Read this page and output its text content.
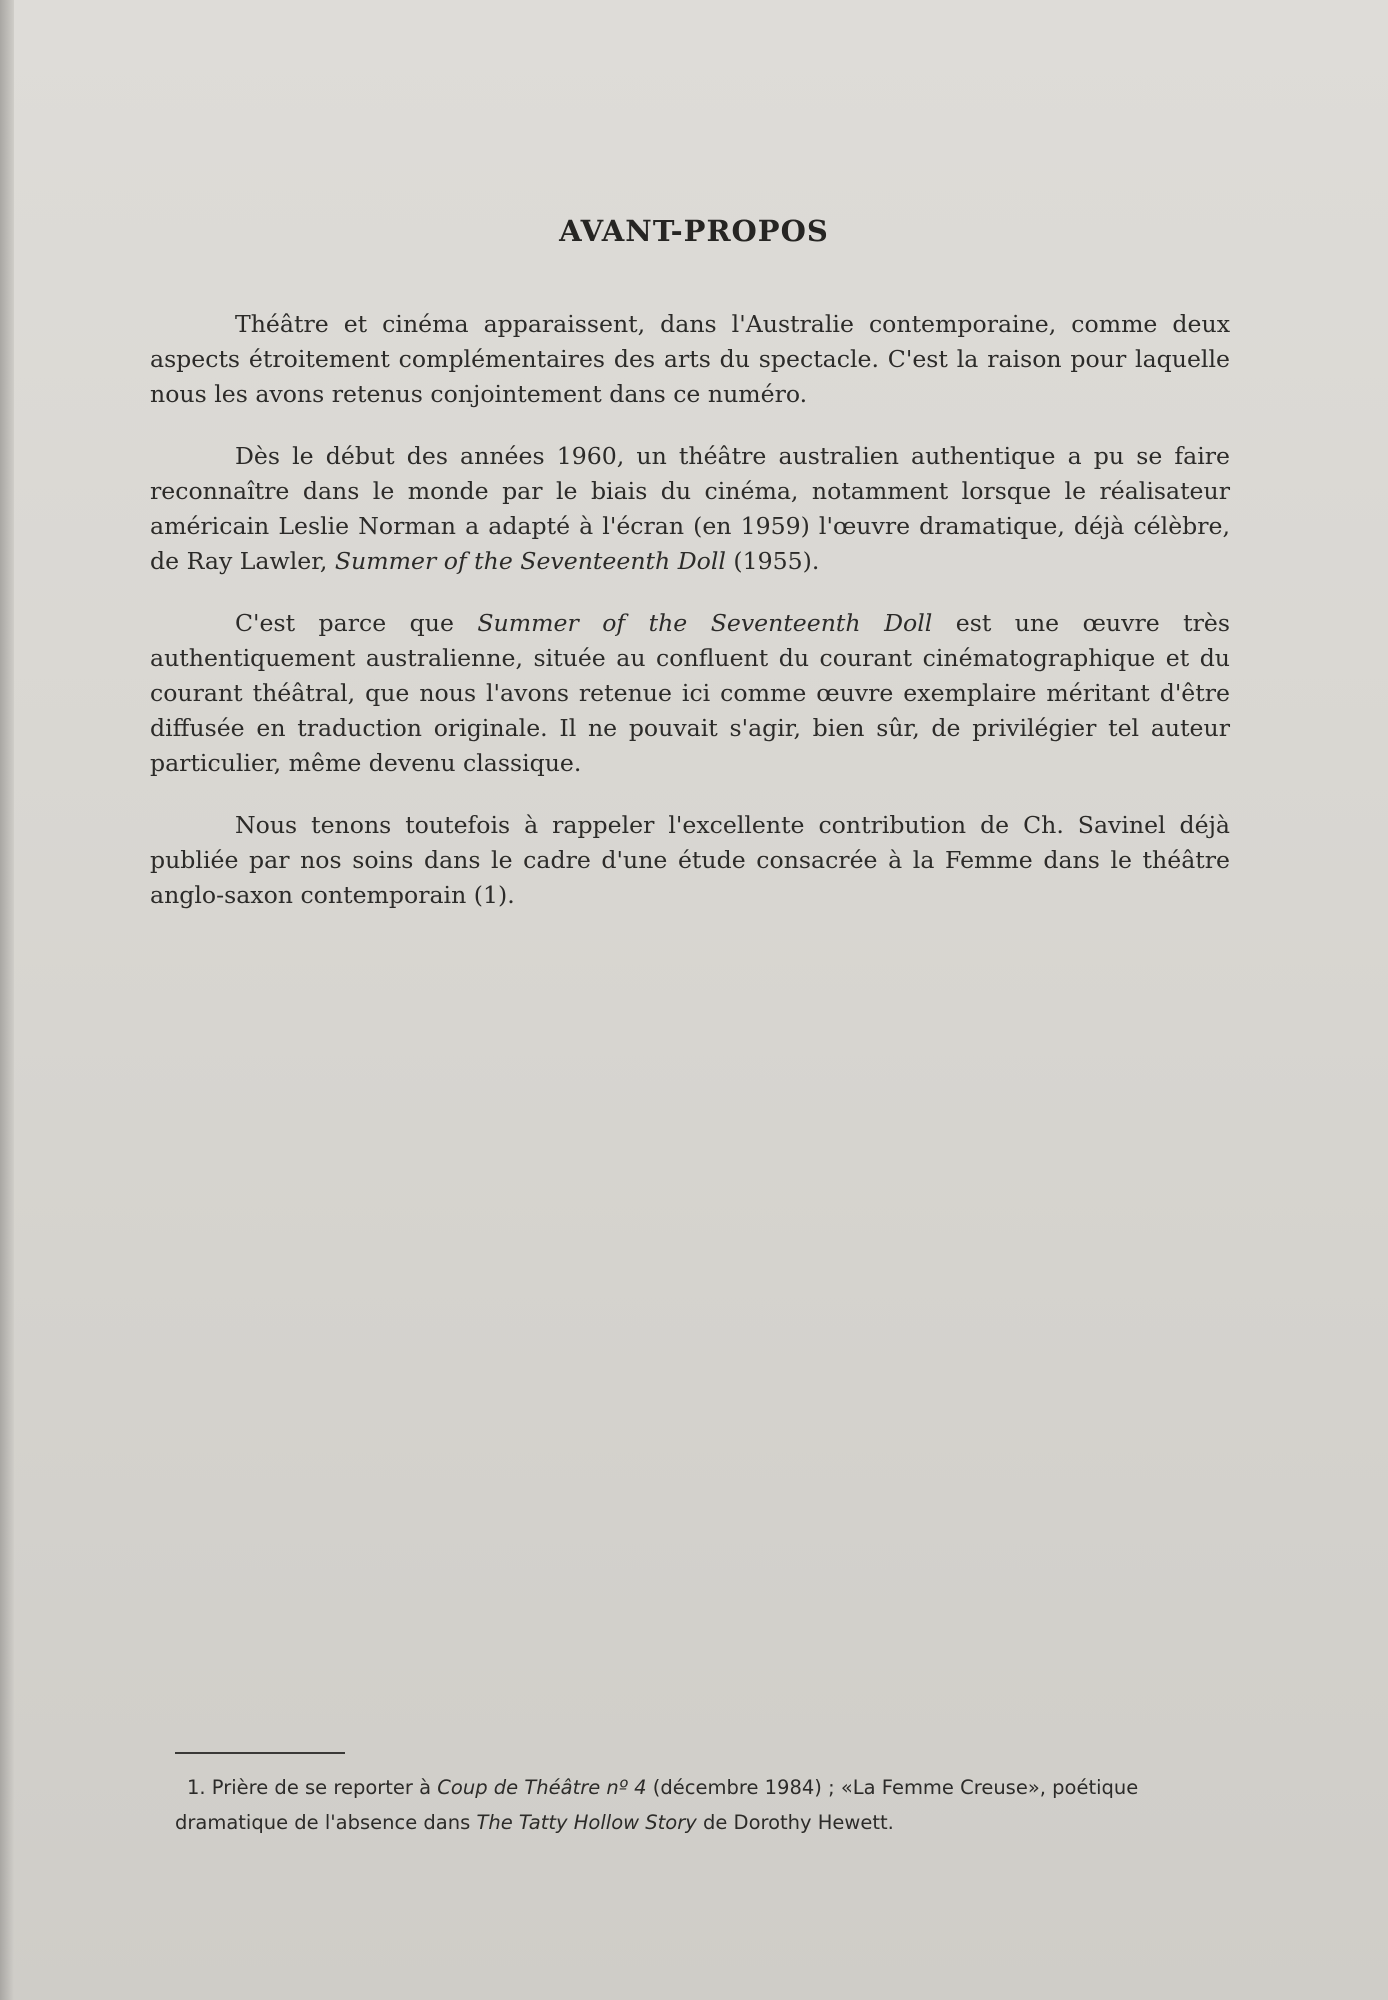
AVANT-PROPOS

Théâtre et cinéma apparaissent, dans l'Australie contemporaine, comme deux aspects étroitement complémentaires des arts du spectacle. C'est la raison pour laquelle nous les avons retenus conjointement dans ce numéro.

Dès le début des années 1960, un théâtre australien authentique a pu se faire reconnaître dans le monde par le biais du cinéma, notamment lorsque le réalisateur américain Leslie Norman a adapté à l'écran (en 1959) l'œuvre dramatique, déjà célèbre, de Ray Lawler, Summer of the Seventeenth Doll (1955).

C'est parce que Summer of the Seventeenth Doll est une œuvre très authentiquement australienne, située au confluent du courant cinématographique et du courant théâtral, que nous l'avons retenue ici comme œuvre exemplaire méritant d'être diffusée en traduction originale. Il ne pouvait s'agir, bien sûr, de privilégier tel auteur particulier, même devenu classique.

Nous tenons toutefois à rappeler l'excellente contribution de Ch. Savinel déjà publiée par nos soins dans le cadre d'une étude consacrée à la Femme dans le théâtre anglo-saxon contemporain (1).

1. Prière de se reporter à Coup de Théâtre nº 4 (décembre 1984) ; «La Femme Creuse», poétique dramatique de l'absence dans The Tatty Hollow Story de Dorothy Hewett.
